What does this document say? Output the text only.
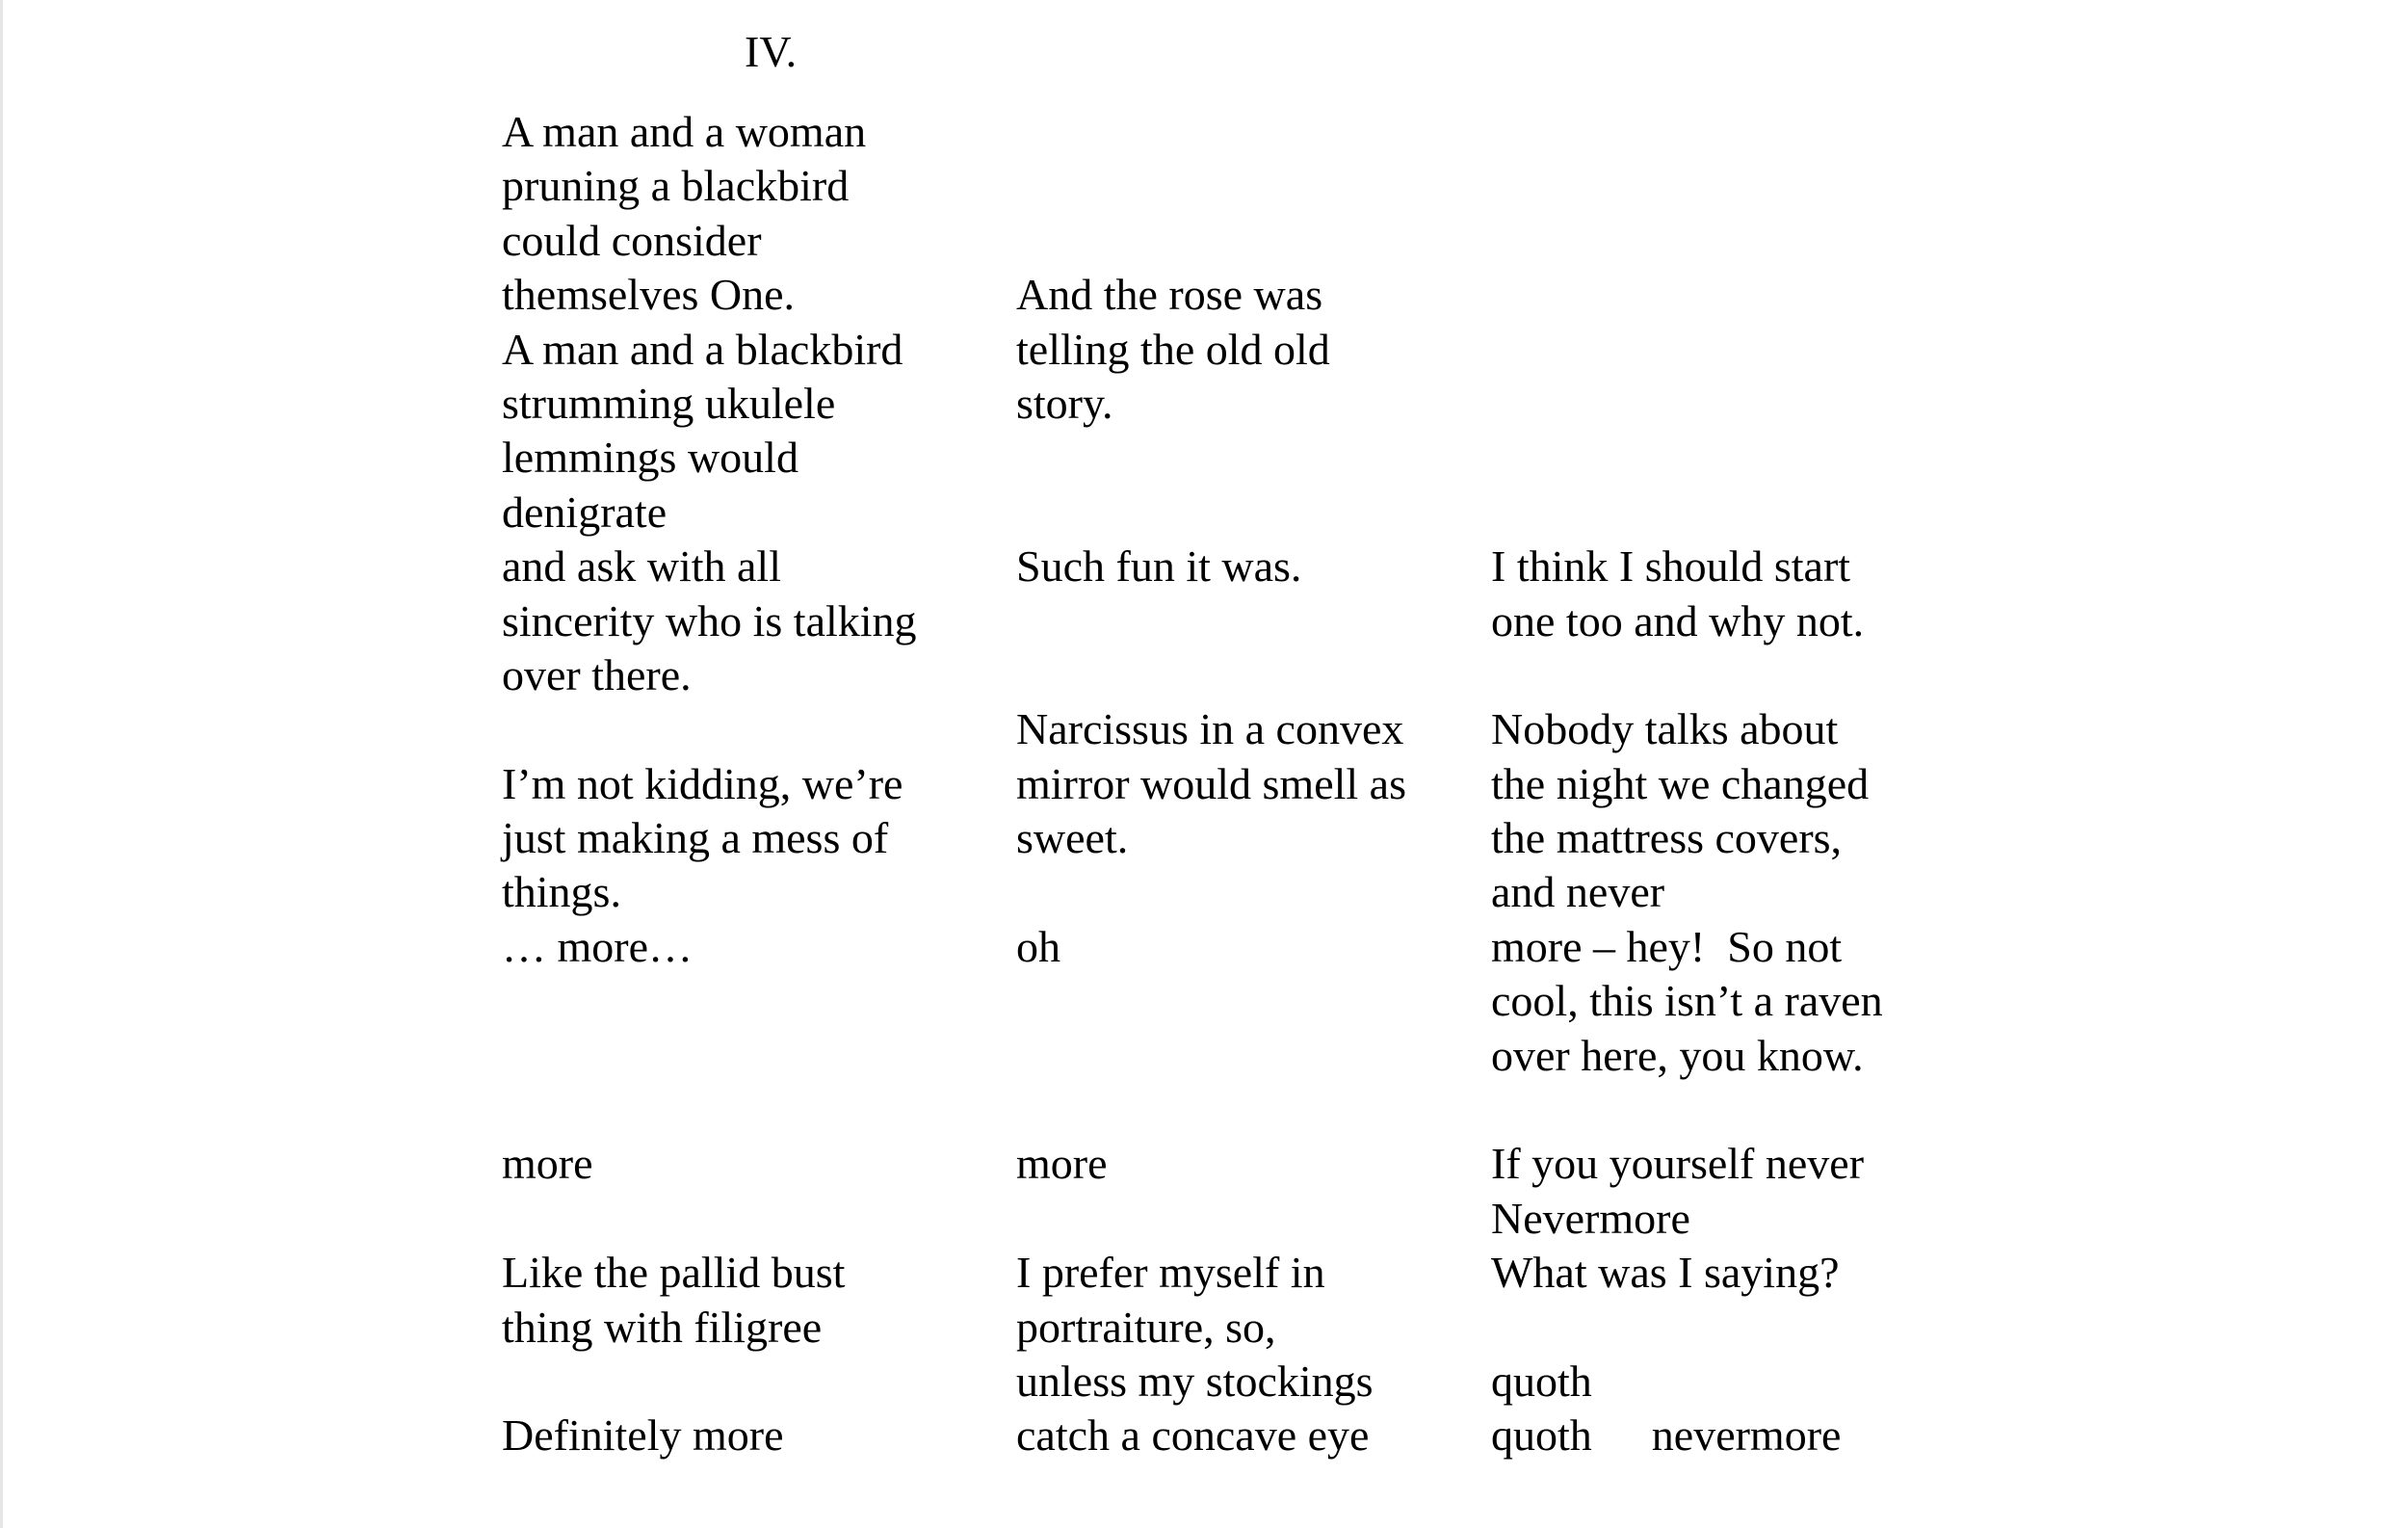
IV.
A man and a woman
pruning a blackbird
could consider
themselves One.
A man and a blackbird
strumming ukulele
lemmings would
denigrate
and ask with all
sincerity who is talking
over there.
I’m not kidding, we’re
just making a mess of
things.
… more…
more
Like the pallid bust
thing with filigree
Definitely more
And the rose was
telling the old old
story.
Such fun it was.
Narcissus in a convex
mirror would smell as
sweet.
oh
more
I prefer myself in
portraiture, so,
unless my stockings
catch a concave eye
I think I should start
one too and why not.
Nobody talks about
the night we changed
the mattress covers,
and never
more – hey!  So not
cool, this isn’t a raven
over here, you know.
If you yourself never
Nevermore
What was I saying?
quoth
quoth nevermore
